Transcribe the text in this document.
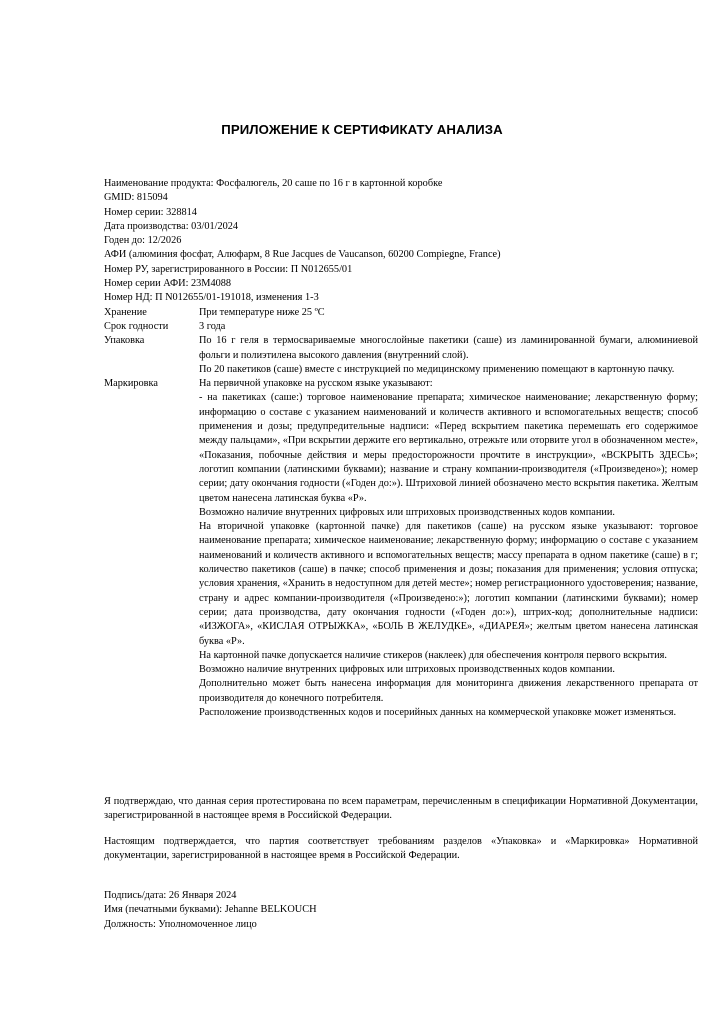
ПРИЛОЖЕНИЕ К СЕРТИФИКАТУ АНАЛИЗА
Наименование продукта: Фосфалюгель, 20 саше по 16 г в картонной коробке
GMID: 815094
Номер серии: 328814
Дата производства: 03/01/2024
Годен до: 12/2026
АФИ (алюминия фосфат, Алюфарм, 8 Rue Jacques de Vaucanson, 60200 Compiegne, France)
Номер РУ, зарегистрированного в России: П N012655/01
Номер серии АФИ: 23M4088
Номер НД: П N012655/01-191018, изменения 1-3
Хранение	При температуре ниже 25 ºC
Срок годности	3 года
Упаковка	По 16 г геля в термосвариваемые многослойные пакетики (саше) из ламинированной бумаги, алюминиевой фольги и полиэтилена высокого давления (внутренний слой).
По 20 пакетиков (саше) вместе с инструкцией по медицинскому применению помещают в картонную пачку.
Маркировка	На первичной упаковке на русском языке указывают:
- на пакетиках (саше:) торговое наименование препарата; химическое наименование; лекарственную форму; информацию о составе с указанием наименований и количеств активного и вспомогательных веществ; способ применения и дозы; предупредительные надписи: «Перед вскрытием пакетика перемешать его содержимое между пальцами», «При вскрытии держите его вертикально, отрежьте или оторвите угол в обозначенном месте», «Показания, побочные действия и меры предосторожности прочтите в инструкции», «ВСКРЫТЬ ЗДЕСЬ»; логотип компании (латинскими буквами); название и страну компании-производителя («Произведено»); номер серии; дату окончания годности («Годен до:»). Штриховой линией обозначено место вскрытия пакетика. Желтым цветом нанесена латинская буква «Р».
Возможно наличие внутренних цифровых или штриховых производственных кодов компании.
На вторичной упаковке (картонной пачке) для пакетиков (саше) на русском языке указывают: торговое наименование препарата; химическое наименование; лекарственную форму; информацию о составе с указанием наименований и количеств активного и вспомогательных веществ; массу препарата в одном пакетике (саше) в г; количество пакетиков (саше) в пачке; способ применения и дозы; показания для применения; условия отпуска; условия хранения, «Хранить в недоступном для детей месте»; номер регистрационного удостоверения; название, страну и адрес компании-производителя («Произведено:»); логотип компании (латинскими буквами); номер серии; дата производства, дату окончания годности («Годен до:»), штрих-код; дополнительные надписи: «ИЗЖОГА», «КИСЛАЯ ОТРЫЖКА», «БОЛЬ В ЖЕЛУДКЕ», «ДИАРЕЯ»; желтым цветом нанесена латинская буква «Р».
На картонной пачке допускается наличие стикеров (наклеек) для обеспечения контроля первого вскрытия.
Возможно наличие внутренних цифровых или штриховых производственных кодов компании.
Дополнительно может быть нанесена информация для мониторинга движения лекарственного препарата от производителя до конечного потребителя.
Расположение производственных кодов и посерийных данных на коммерческой упаковке может изменяться.
Я подтверждаю, что данная серия протестирована по всем параметрам, перечисленным в спецификации Нормативной Документации, зарегистрированной в настоящее время в Российской Федерации.
Настоящим подтверждается, что партия соответствует требованиям разделов «Упаковка» и «Маркировка» Нормативной документации, зарегистрированной в настоящее время в Российской Федерации.
Подпись/дата: 26 Января 2024
Имя (печатными буквами): Jehanne BELKOUCH
Должность: Уполномоченное лицо
